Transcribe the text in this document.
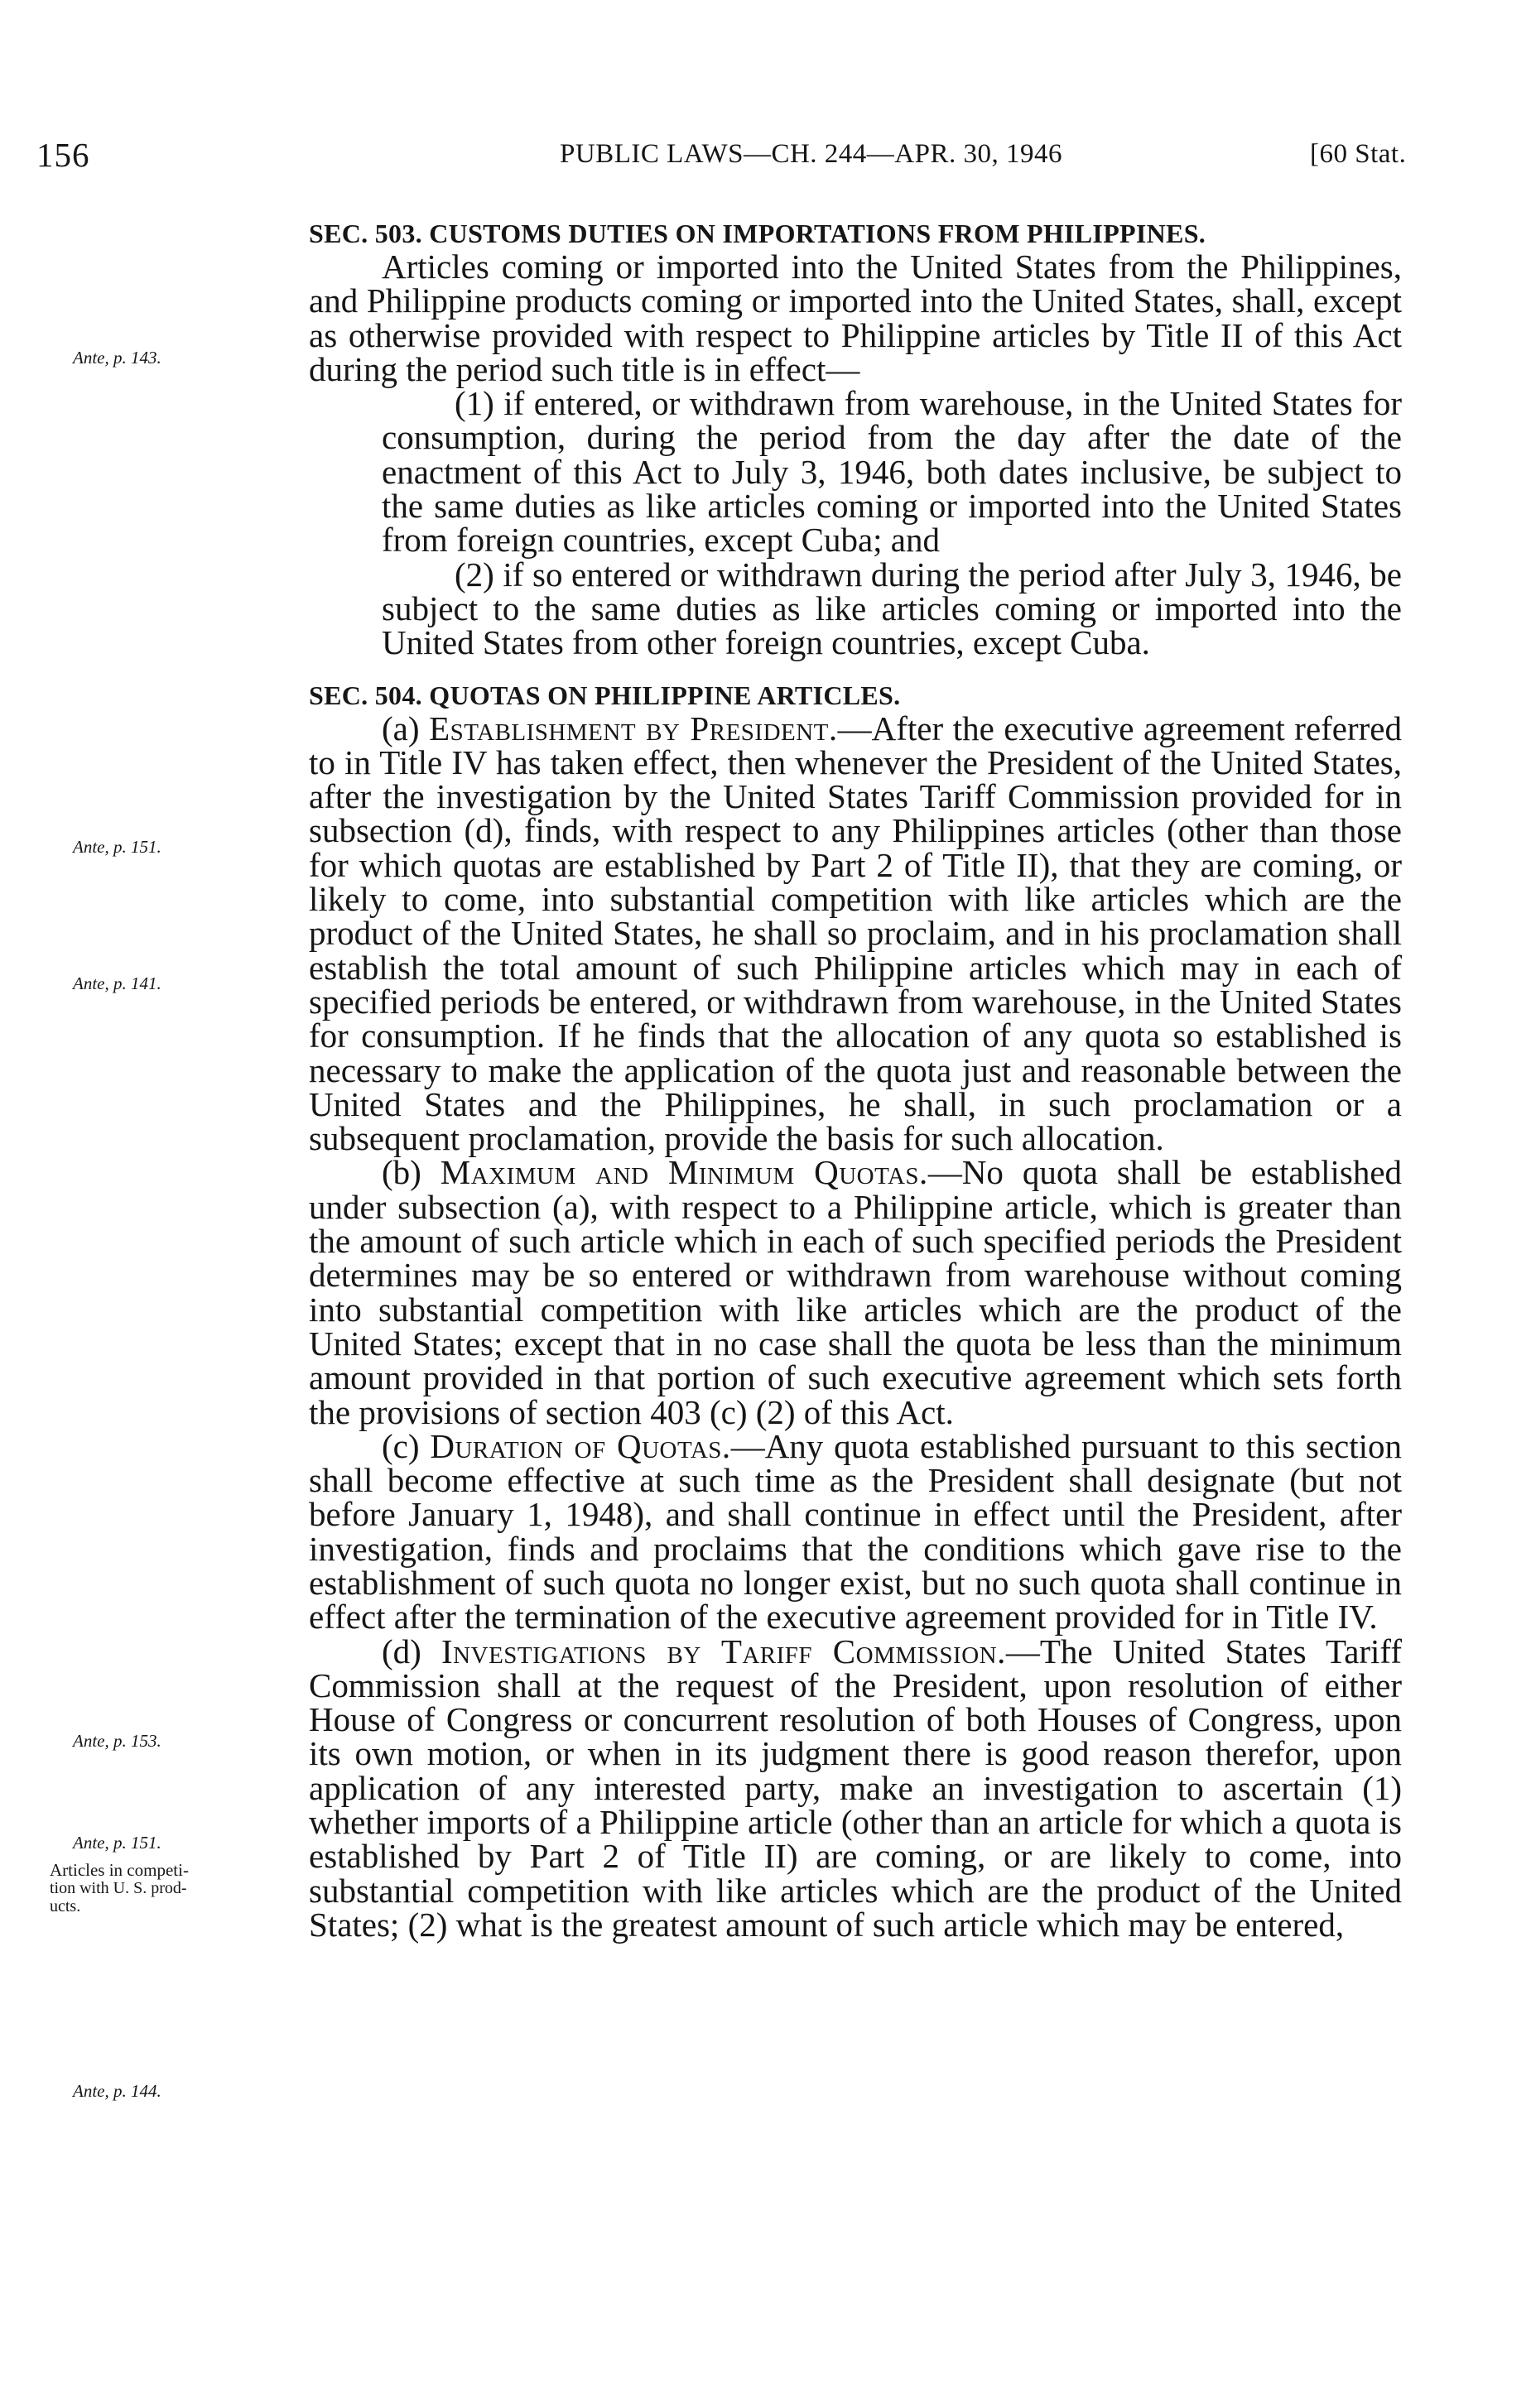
156	PUBLIC LAWS—CH. 244—APR. 30, 1946	[60 Stat.
Ante, p. 143.
Ante, p. 151.
Ante, p. 141.
Ante, p. 153.
Ante, p. 151.
Articles in competi-
tion with U. S. prod-
ucts.
Ante, p. 144.
SEC. 503. CUSTOMS DUTIES ON IMPORTATIONS FROM PHILIPPINES.

Articles coming or imported into the United States from the Philippines, and Philippine products coming or imported into the United States, shall, except as otherwise provided with respect to Philippine articles by Title II of this Act during the period such title is in effect—

(1) if entered, or withdrawn from warehouse, in the United States for consumption, during the period from the day after the date of the enactment of this Act to July 3, 1946, both dates inclusive, be subject to the same duties as like articles coming or imported into the United States from foreign countries, except Cuba; and

(2) if so entered or withdrawn during the period after July 3, 1946, be subject to the same duties as like articles coming or imported into the United States from other foreign countries, except Cuba.

SEC. 504. QUOTAS ON PHILIPPINE ARTICLES.

(a) Establishment by President.—After the executive agreement referred to in Title IV has taken effect, then whenever the President of the United States, after the investigation by the United States Tariff Commission provided for in subsection (d), finds, with respect to any Philippines articles (other than those for which quotas are established by Part 2 of Title II), that they are coming, or likely to come, into substantial competition with like articles which are the product of the United States, he shall so proclaim, and in his proclamation shall establish the total amount of such Philippine articles which may in each of specified periods be entered, or withdrawn from warehouse, in the United States for consumption. If he finds that the allocation of any quota so established is necessary to make the application of the quota just and reasonable between the United States and the Philippines, he shall, in such proclamation or a subsequent proclamation, provide the basis for such allocation.

(b) Maximum and Minimum Quotas.—No quota shall be established under subsection (a), with respect to a Philippine article, which is greater than the amount of such article which in each of such specified periods the President determines may be so entered or withdrawn from warehouse without coming into substantial competition with like articles which are the product of the United States; except that in no case shall the quota be less than the minimum amount provided in that portion of such executive agreement which sets forth the provisions of section 403 (c) (2) of this Act.

(c) Duration of Quotas.—Any quota established pursuant to this section shall become effective at such time as the President shall designate (but not before January 1, 1948), and shall continue in effect until the President, after investigation, finds and proclaims that the conditions which gave rise to the establishment of such quota no longer exist, but no such quota shall continue in effect after the termination of the executive agreement provided for in Title IV.

(d) Investigations by Tariff Commission.—The United States Tariff Commission shall at the request of the President, upon resolution of either House of Congress or concurrent resolution of both Houses of Congress, upon its own motion, or when in its judgment there is good reason therefor, upon application of any interested party, make an investigation to ascertain (1) whether imports of a Philippine article (other than an article for which a quota is established by Part 2 of Title II) are coming, or are likely to come, into substantial competition with like articles which are the product of the United States; (2) what is the greatest amount of such article which may be entered,
